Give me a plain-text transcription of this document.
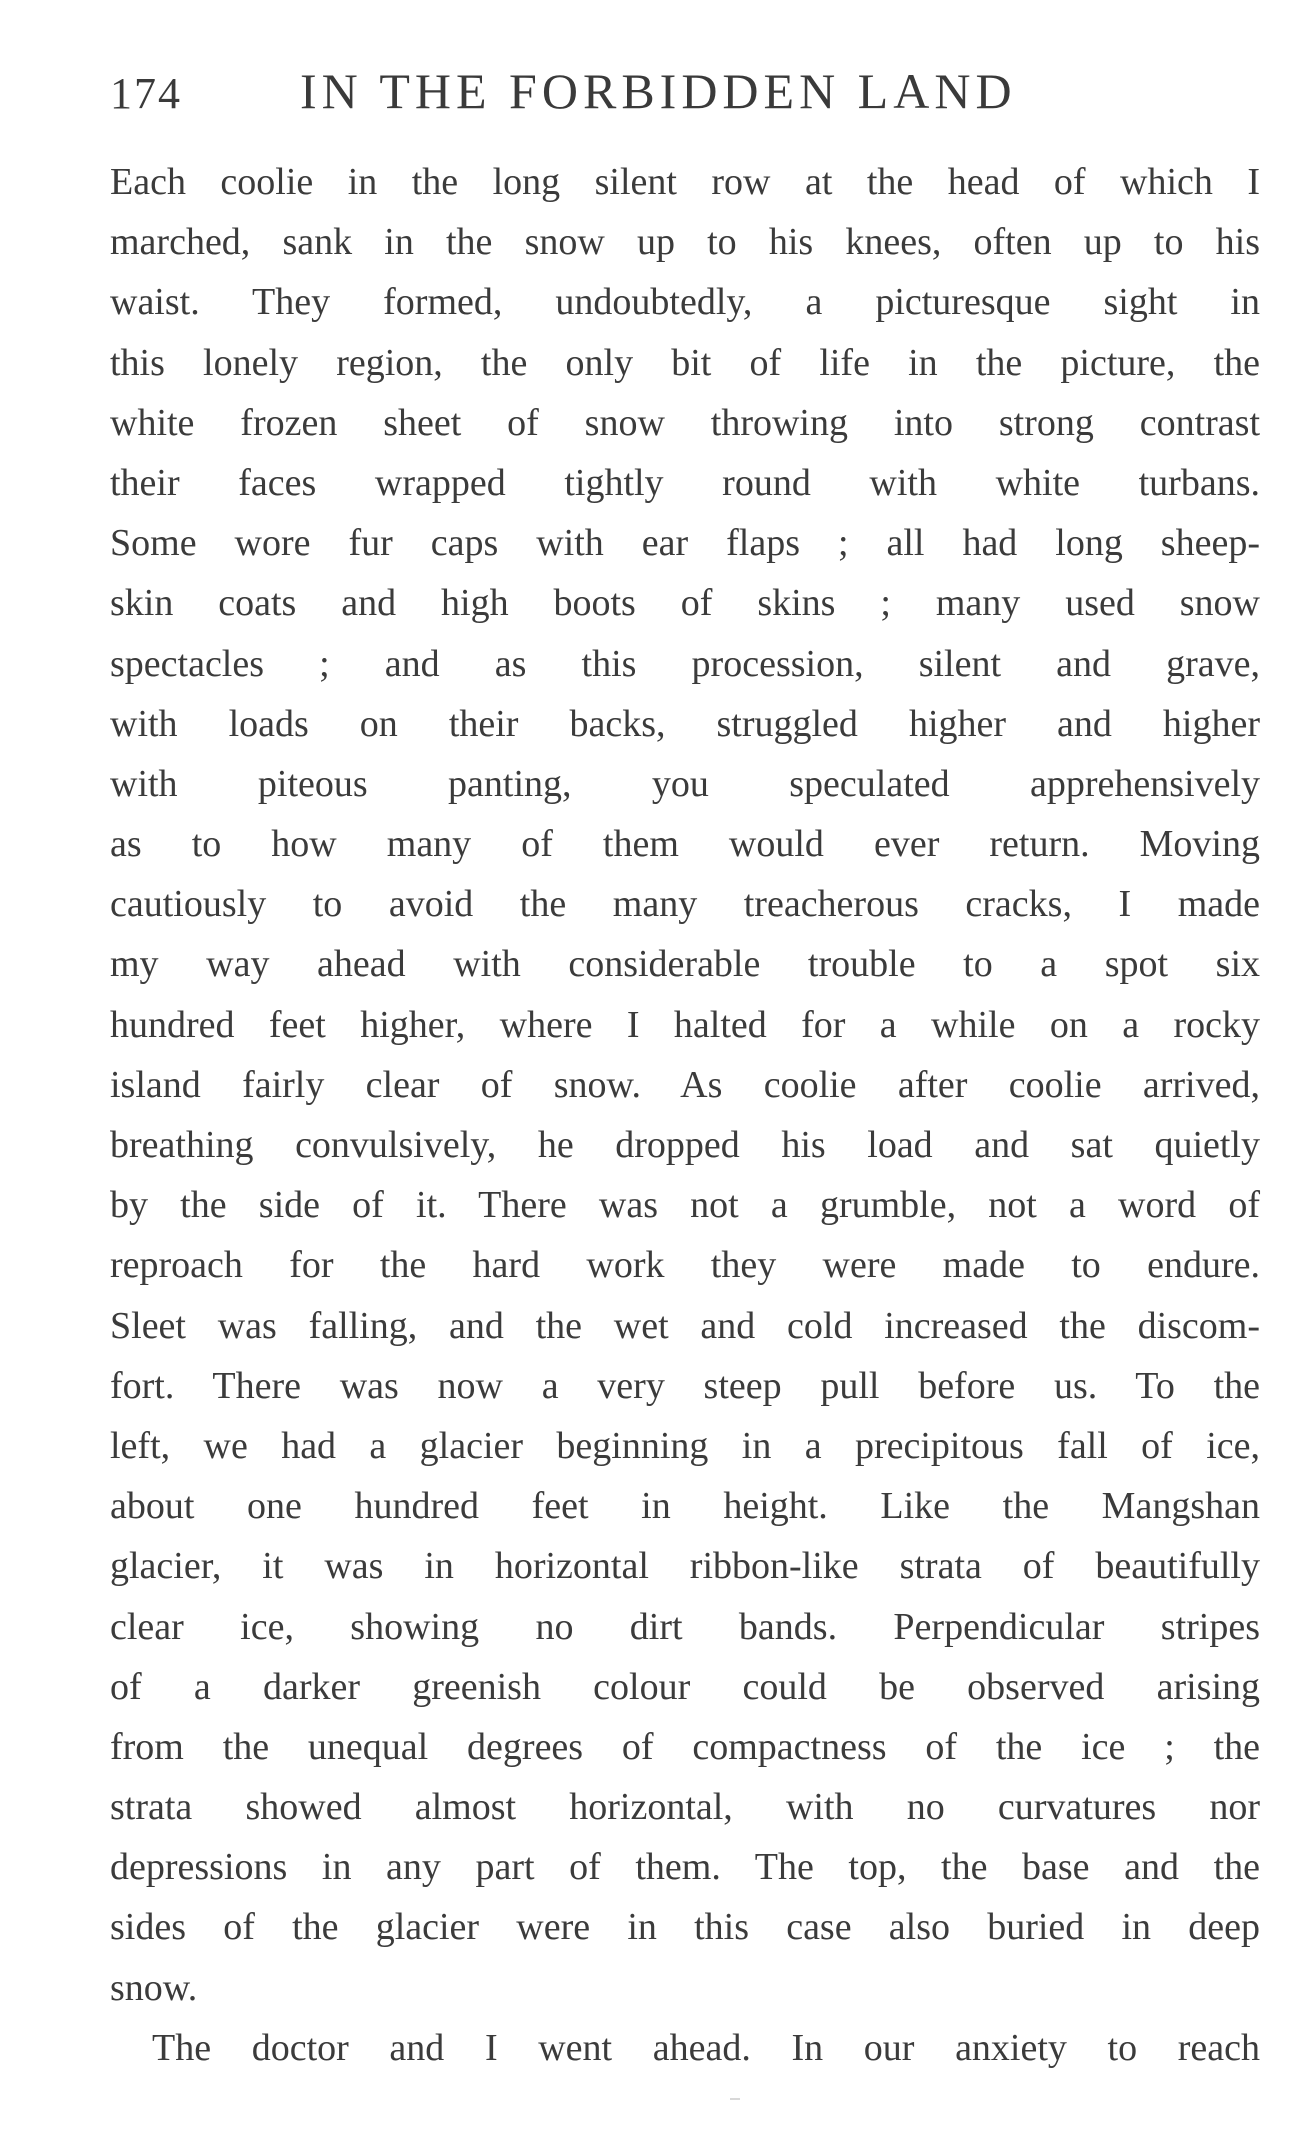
174 IN THE FORBIDDEN LAND
Each coolie in the long silent row at the head of which I
marched, sank in the snow up to his knees, often up to his
waist. They formed, undoubtedly, a picturesque sight in
this lonely region, the only bit of life in the picture, the
white frozen sheet of snow throwing into strong contrast
their faces wrapped tightly round with white turbans.
Some wore fur caps with ear flaps ; all had long sheep-
skin coats and high boots of skins ; many used snow
spectacles ; and as this procession, silent and grave,
with loads on their backs, struggled higher and higher
with piteous panting, you speculated apprehensively
as to how many of them would ever return. Moving
cautiously to avoid the many treacherous cracks, I made
my way ahead with considerable trouble to a spot six
hundred feet higher, where I halted for a while on a rocky
island fairly clear of snow. As coolie after coolie arrived,
breathing convulsively, he dropped his load and sat quietly
by the side of it. There was not a grumble, not a word of
reproach for the hard work they were made to endure.
Sleet was falling, and the wet and cold increased the discom-
fort. There was now a very steep pull before us. To the
left, we had a glacier beginning in a precipitous fall of ice,
about one hundred feet in height. Like the Mangshan
glacier, it was in horizontal ribbon-like strata of beautifully
clear ice, showing no dirt bands. Perpendicular stripes
of a darker greenish colour could be observed arising
from the unequal degrees of compactness of the ice ; the
strata showed almost horizontal, with no curvatures nor
depressions in any part of them. The top, the base and the
sides of the glacier were in this case also buried in deep
snow.
The doctor and I went ahead. In our anxiety to reach
